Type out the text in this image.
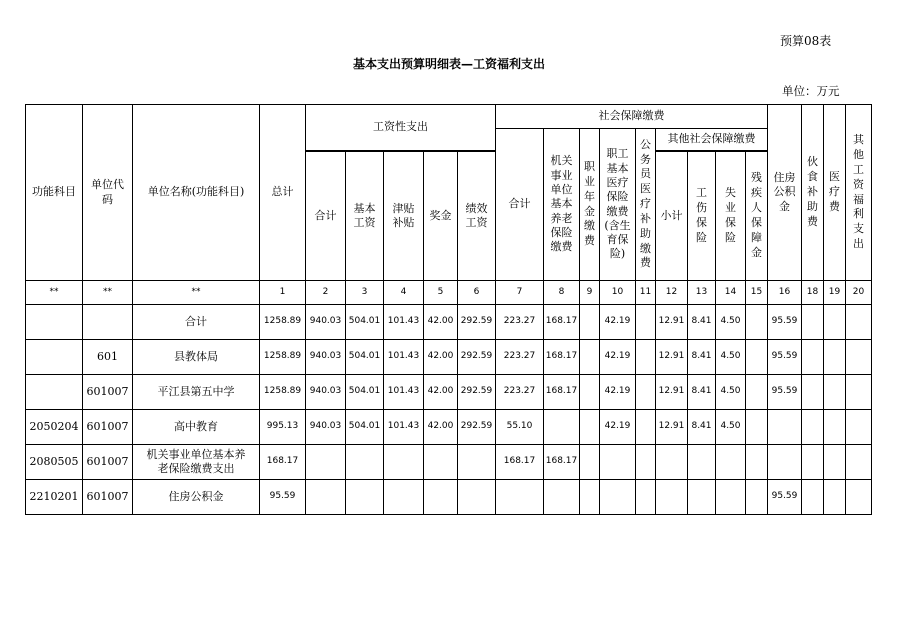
预算08表
基本支出预算明细表—工资福利支出
单位：万元
功能科目	单位代码	单位名称(功能科目)	总计	工资性支出					社会保障缴费									住房公积金	伙食补助费	医疗费	其他工资福利支出
									合计	机关事业单位基本养老保险缴费	职业年金缴费	职工基本医疗保险缴费(含生育保险)	公务员医疗补助缴费	其他社会保障缴费							

				合计	基本工资	津贴补贴	奖金	绩效工资						小计	工伤保险	失业保险	残疾人保障金				
**	**	**	1	2	3	4	5	6	7	8	9	10	11	12	13	14	15	16	18	19	20
		合计	1258.89	940.03	504.01	101.43	42.00	292.59	223.27	168.17		42.19		12.91	8.41	4.50		95.59			
	601	县教体局	1258.89	940.03	504.01	101.43	42.00	292.59	223.27	168.17		42.19		12.91	8.41	4.50		95.59			
	601007	平江县第五中学	1258.89	940.03	504.01	101.43	42.00	292.59	223.27	168.17		42.19		12.91	8.41	4.50		95.59			
2050204	601007	高中教育	995.13	940.03	504.01	101.43	42.00	292.59	55.10			42.19		12.91	8.41	4.50					
2080505	601007	机关事业单位基本养老保险缴费支出	168.17						168.17	168.17											
2210201	601007	住房公积金	95.59															95.59			
